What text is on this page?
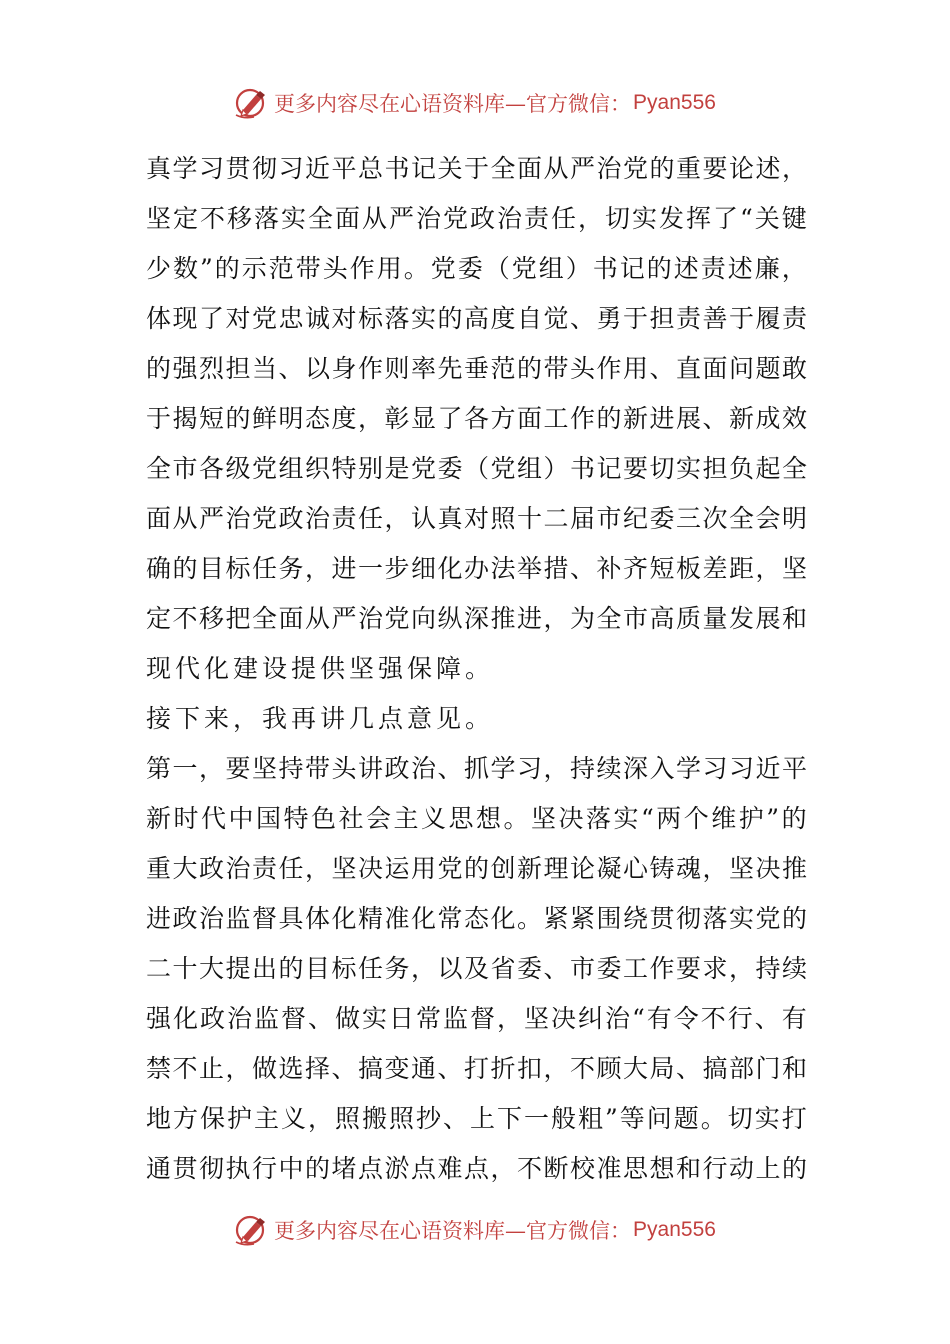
更多内容尽在心语资料库—官方微信： Pyan556
真学习贯彻习近平总书记关于全面从严治党的重要论述，
坚定不移落实全面从严治党政治责任，切实发挥了“关键
少数”的示范带头作用。党委（党组）书记的述责述廉，
体现了对党忠诚对标落实的高度自觉、勇于担责善于履责
的强烈担当、以身作则率先垂范的带头作用、直面问题敢
于揭短的鲜明态度，彰显了各方面工作的新进展、新成效
全市各级党组织特别是党委（党组）书记要切实担负起全
面从严治党政治责任，认真对照十二届市纪委三次全会明
确的目标任务，进一步细化办法举措、补齐短板差距，坚
定不移把全面从严治党向纵深推进，为全市高质量发展和
现代化建设提供坚强保障。
接下来，我再讲几点意见。
第一，要坚持带头讲政治、抓学习，持续深入学习习近平
新时代中国特色社会主义思想。坚决落实“两个维护”的
重大政治责任，坚决运用党的创新理论凝心铸魂，坚决推
进政治监督具体化精准化常态化。紧紧围绕贯彻落实党的
二十大提出的目标任务，以及省委、市委工作要求，持续
强化政治监督、做实日常监督，坚决纠治“有令不行、有
禁不止，做选择、搞变通、打折扣，不顾大局、搞部门和
地方保护主义，照搬照抄、上下一般粗”等问题。切实打
通贯彻执行中的堵点淤点难点，不断校准思想和行动上的
更多内容尽在心语资料库—官方微信： Pyan556
